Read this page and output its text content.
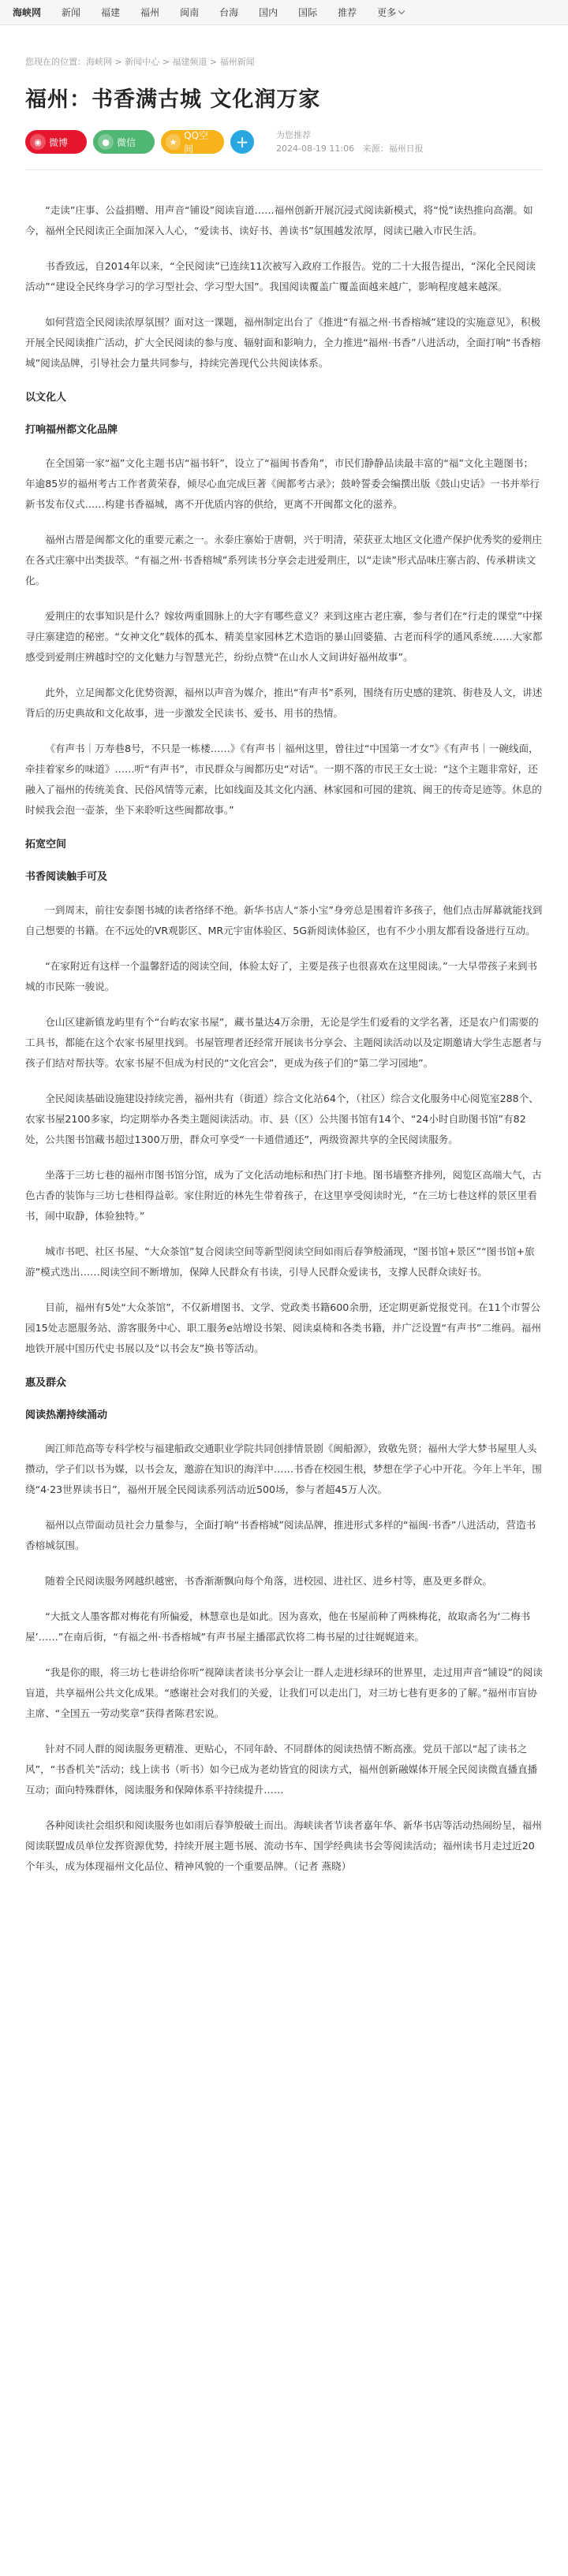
海峡网	新闻	福建	福州	闽南	台海	国内	国际	推荐	更多
您现在的位置：海峡网 > 新闻中心 > 福建频道 > 福州新闻
福州：书香满古城 文化润万家
◉ 微博	● 微信	★
QQ空间	+	为您推荐
2024-08-19 11:06 来源：福州日报

“走读”庄事、公益捐赠、用声音“铺设”阅读盲道……福州创新开展沉浸式阅读新模式，将“悦”读热推向高潮。如今，福州全民阅读正全面加深入人心，“爱读书、读好书、善读书”氛围越发浓厚，阅读已融入市民生活。

书香致远，自2014年以来，“全民阅读”已连续11次被写入政府工作报告。党的二十大报告提出，“深化全民阅读活动”“建设全民终身学习的学习型社会、学习型大国”。我国阅读覆盖广覆盖面越来越广，影响程度越来越深。

如何营造全民阅读浓厚氛围？面对这一课题，福州制定出台了《推进“有福之州·书香榕城”建设的实施意见》，积极开展全民阅读推广活动，扩大全民阅读的参与度、辐射面和影响力，全力推进“福州·书香”八进活动，全面打响“书香榕城”阅读品牌，引导社会力量共同参与，持续完善现代公共阅读体系。

以文化人
打响福州都文化品牌

在全国第一家“福”文化主题书店“福书轩”，设立了“福闽书香角”，市民们静静品读最丰富的“福”文化主题图书；年逾85岁的福州考古工作者黄荣春，倾尽心血完成巨著《闽都考古录》；鼓岭誓委会编撰出版《鼓山史话》一书并举行新书发布仪式……构建书香福城，离不开优质内容的供给，更离不开闽都文化的滋养。

福州古厝是闽都文化的重要元素之一。永泰庄寨始于唐朝，兴于明清，荣获亚太地区文化遗产保护优秀奖的爱荆庄在各式庄寨中出类拔萃。“有福之州·书香榕城”系列读书分享会走进爱荆庄，以“走读”形式品味庄寨古韵、传承耕读文化。

爱荆庄的农事知识是什么？嫁妆两重圆脉上的大字有哪些意义？来到这座古老庄寨，参与者们在“行走的课堂”中探寻庄寨建造的秘密。“女神文化”载体的孤本、精美皇家园林艺术造诣的暴山回婆猫、古老而科学的通风系统……大家都感受到爱荆庄辨越时空的文化魅力与智慧光芒，纷纷点赞“在山水人文间讲好福州故事”。

此外，立足闽都文化优势资源，福州以声音为媒介，推出“有声书”系列，围绕有历史感的建筑、街巷及人文，讲述背后的历史典故和文化故事，进一步激发全民读书、爱书、用书的热情。

《有声书｜万寿巷8号，不只是一栋楼……》《有声书｜福州这里，曾往过“中国第一才女”》《有声书｜一碗线面，牵挂着家乡的味道》……听“有声书”，市民群众与闽都历史“对话”。一期不落的市民王女士说：“这个主题非常好，还融入了福州的传统美食、民俗风情等元素，比如线面及其文化内涵、林家园和可园的建筑、闽王的传奇足迹等。休息的时候我会泡一壶茶，坐下来聆听这些闽都故事。”

拓宽空间
书香阅读触手可及

一到周末，前往安泰图书城的读者络绎不绝。新华书店人“茶小宝”身旁总是围着许多孩子，他们点击屏幕就能找到自己想要的书籍。在不远处的VR观影区、MR元宇宙体验区、5G新阅读体验区，也有不少小朋友都看设备进行互动。

“在家附近有这样一个温馨舒适的阅读空间，体验太好了，主要是孩子也很喜欢在这里阅读。”一大早带孩子来到书城的市民陈一骏说。

仓山区建新镇龙屿里有个“台屿农家书屋”，藏书量达4万余册，无论是学生们爱看的文学名著，还是农户们需要的工具书，都能在这个农家书屋里找到。书屋管理者还经常开展读书分享会、主题阅读活动以及定期邀请大学生志愿者与孩子们结对帮扶等。农家书屋不但成为村民的“文化宫会”，更成为孩子们的“第二学习园地”。

全民阅读基础设施建设持续完善，福州共有（街道）综合文化站64个，（社区）综合文化服务中心阅览室288个、农家书屋2100多家，均定期举办各类主题阅读活动。市、县（区）公共图书馆有14个、“24小时自助图书馆”有82处，公共图书馆藏书超过1300万册，群众可享受“一卡通借通还”，两级资源共享的全民阅读服务。

坐落于三坊七巷的福州市图书馆分馆，成为了文化活动地标和热门打卡地。图书墙整齐排列，阅览区高端大气，古色古香的装饰与三坊七巷相得益彰。家住附近的林先生带着孩子，在这里享受阅读时光，“在三坊七巷这样的景区里看书，闹中取静，体验独特。”

城市书吧、社区书屋、“大众茶馆”复合阅读空间等新型阅读空间如雨后春笋般涌现，“图书馆+景区”“图书馆+旅游”模式迭出……阅读空间不断增加，保障人民群众有书读，引导人民群众爱读书，支撑人民群众读好书。

目前，福州有5处“大众茶馆”，不仅新增图书、文学、党政类书籍600余册，还定期更新党报党刊。在11个市誓公园15处志愿服务站、游客服务中心、职工服务e站增设书架、阅读桌椅和各类书籍，并广泛设置“有声书”二维码。福州地铁开展中国历代史书展以及“以书会友”换书等活动。

惠及群众
阅读热潮持续涌动

闽江师范高等专科学校与福建船政交通职业学院共同创排情景剧《闽船源》，致敬先贤；福州大学大梦书屋里人头攒动，学子们以书为媒，以书会友，邀游在知识的海洋中……书香在校园生根，梦想在学子心中开花。今年上半年，围绕“4·23世界读书日”，福州开展全民阅读系列活动近500场，参与者超45万人次。

福州以点带面动员社会力量参与，全面打响“书香榕城”阅读品牌，推进形式多样的“福闽·书香”八进活动，营造书香榕城氛围。

随着全民阅读服务网越织越密，书香渐渐飘向每个角落，进校园、进社区、进乡村等，惠及更多群众。

“大抵文人墨客都对梅花有所偏爱，林慧章也是如此。因为喜欢，他在书屋前种了两株梅花，故取斋名为‘二梅书屋’……”在南后街，“有福之州·书香榕城”有声书屋主播邵武钦将二梅书屋的过往娓娓道来。

“我是你的眼，将三坊七巷讲给你听”视障读者读书分享会让一群人走进杉绿环的世界里，走过用声音“铺设”的阅读盲道，共享福州公共文化成果。“感谢社会对我们的关爱，让我们可以走出门，对三坊七巷有更多的了解。”福州市盲协主席、“全国五一劳动奖章”获得者陈君宏说。

针对不同人群的阅读服务更精准、更贴心，不同年龄、不同群体的阅读热情不断高涨。党员干部以“起了读书之风”，“书香机关”活动；线上读书（听书）如今已成为老幼皆宜的阅读方式，福州创新融媒体开展全民阅读微直播直播互动；面向特殊群体，阅读服务和保障体系平持续提升……

各种阅读社会组织和阅读服务也如雨后春笋般破土而出。海峡读者节读者嘉年华、新华书店等活动热闹纷呈，福州阅读联盟成员单位发挥资源优势，持续开展主题书展、流动书车、国学经典读书会等阅读活动；福州读书月走过近20个年头，成为体现福州文化品位、精神风貌的一个重要品牌。（记者 燕晓）
